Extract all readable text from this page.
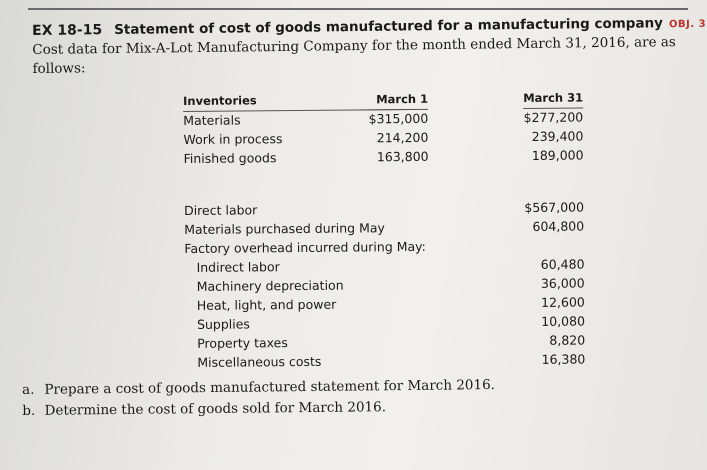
EX 18-15 Statement of cost of goods manufactured for a manufacturing company OBJ. 3
Cost data for Mix-A-Lot Manufacturing Company for the month ended March 31, 2016, are as follows:
Inventories	March 1	March 31
Materials	$315,000	$277,200
Work in process	214,200	239,400
Finished goods	163,800	189,000
Direct labor	$567,000
Materials purchased during May	604,800
Factory overhead incurred during May:
Indirect labor	60,480
Machinery depreciation	36,000
Heat, light, and power	12,600
Supplies	10,080
Property taxes	8,820
Miscellaneous costs	16,380
a. Prepare a cost of goods manufactured statement for March 2016.
b. Determine the cost of goods sold for March 2016.
